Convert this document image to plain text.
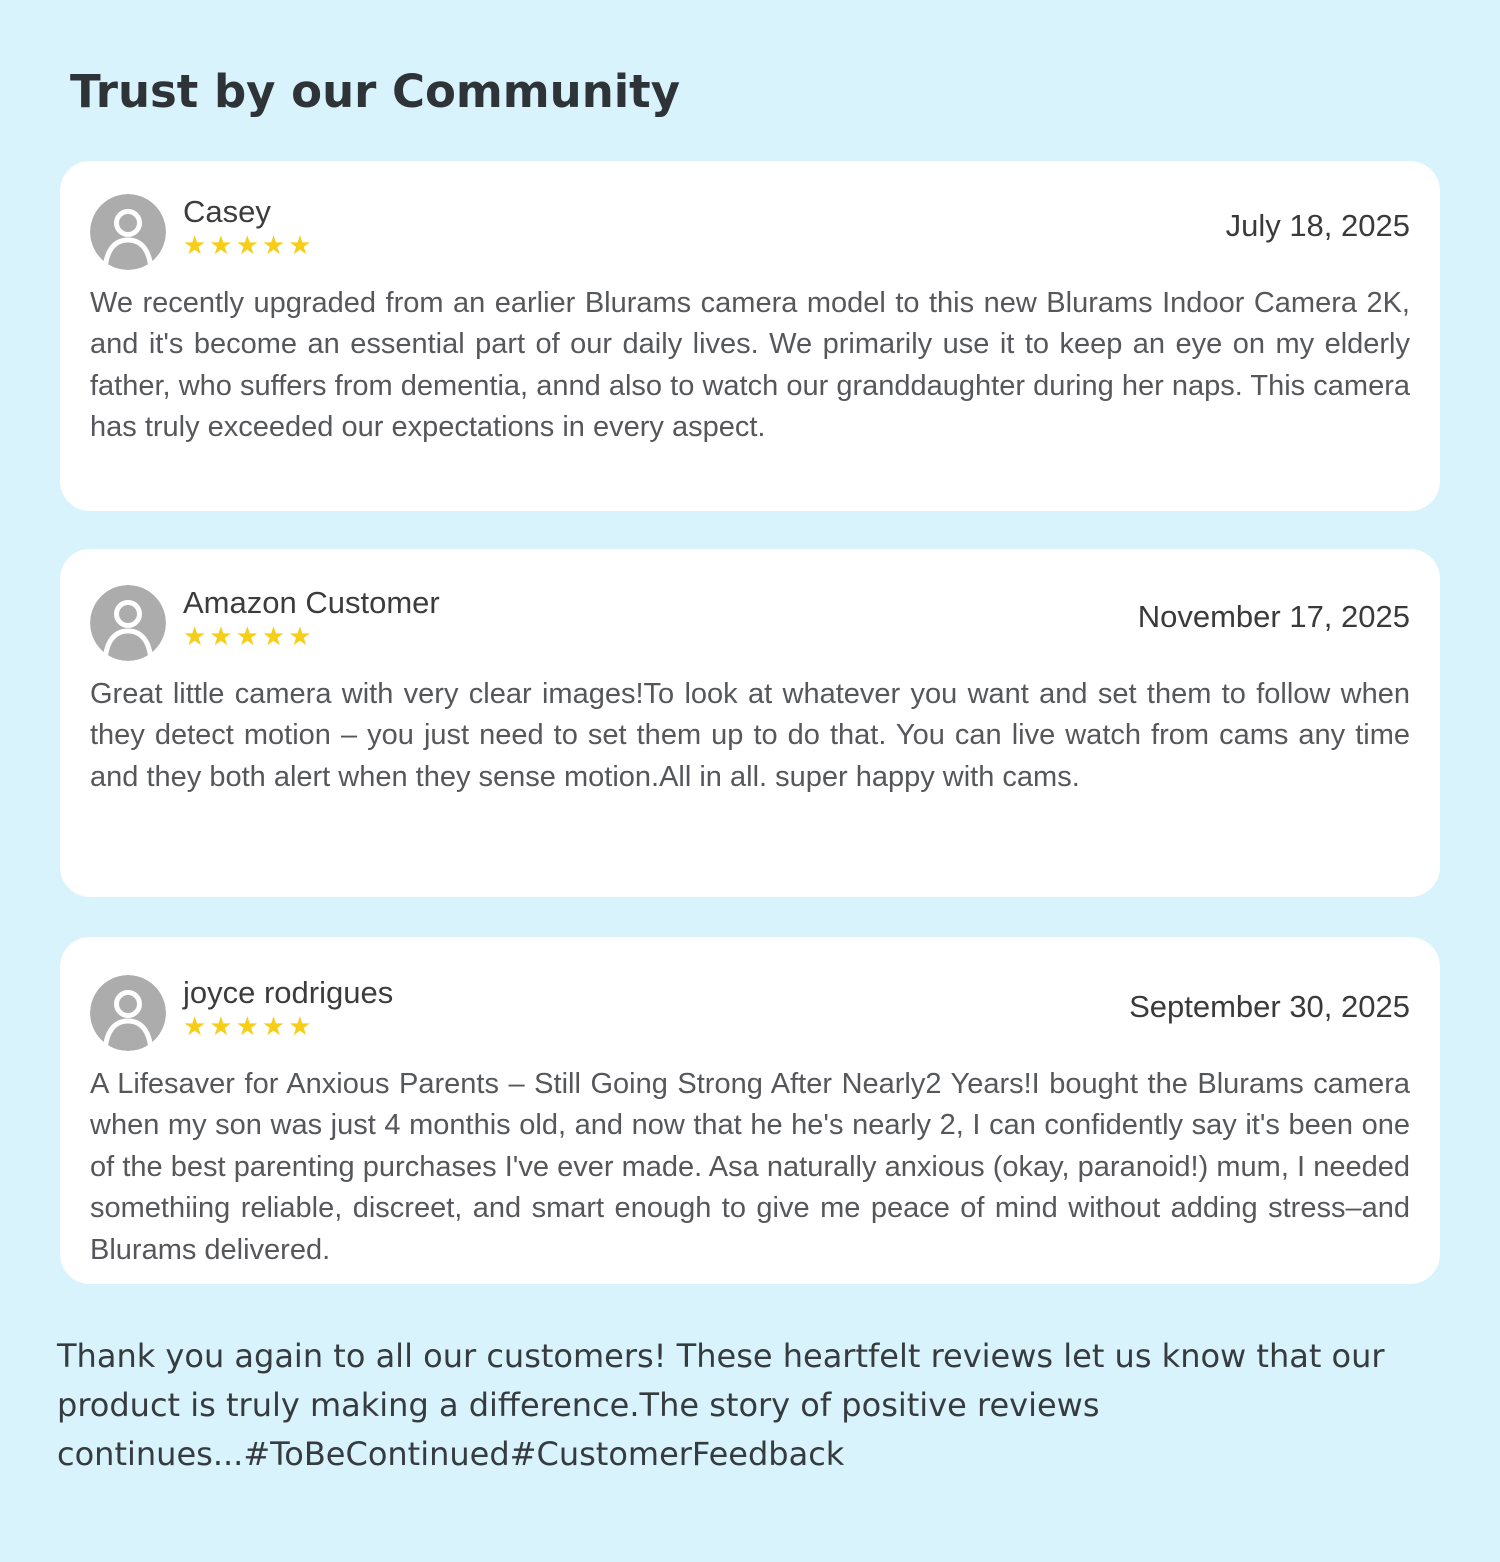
Trust by our Community
Casey
★★★★★
July 18, 2025
We recently upgraded from an earlier Blurams camera model to this new Blurams Indoor Camera 2K, and it's become an essential part of our daily lives. We primarily use it to keep an eye on my elderly father, who suffers from dementia, annd also to watch our granddaughter during her naps. This camera has truly exceeded our expectations in every aspect.
Amazon Customer
★★★★★
November 17, 2025
Great little camera with very clear images!To look at whatever you want and set them to follow when they detect motion – you just need to set them up to do that. You can live watch from cams any time and they both alert when they sense motion.All in all. super happy with cams.
joyce rodrigues
★★★★★
September 30, 2025
A Lifesaver for Anxious Parents – Still Going Strong After Nearly2 Years!I bought the Blurams camera when my son was just 4 monthis old, and now that he he's nearly 2, I can confidently say it's been one of the best parenting purchases I've ever made. Asa naturally anxious (okay, paranoid!) mum, I needed somethiing reliable, discreet, and smart enough to give me peace of mind without adding stress–and Blurams delivered.
Thank you again to all our customers! These heartfelt reviews let us know that our product is truly making a difference.The story of positive reviews continues...#ToBeContinued#CustomerFeedback
